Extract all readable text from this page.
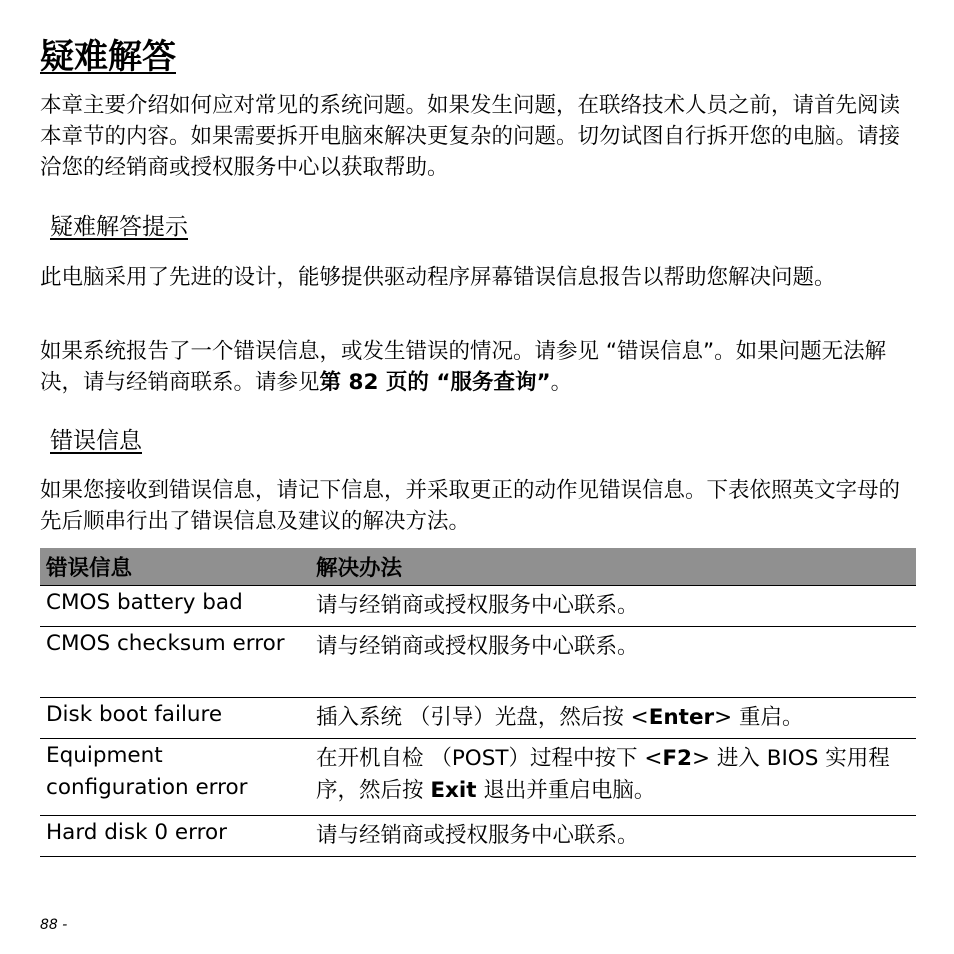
疑难解答

本章主要介绍如何应对常见的系统问题。如果发生问题，在联络技术人员之前，请首先阅读本章节的内容。如果需要拆开电脑來解决更复杂的问题。切勿试图自行拆开您的电脑。请接洽您的经销商或授权服务中心以获取帮助。

疑难解答提示

此电脑采用了先进的设计，能够提供驱动程序屏幕错误信息报告以帮助您解决问题。

如果系统报告了一个错误信息，或发生错误的情况。请参见 “错误信息”。如果问题无法解决，请与经销商联系。请参见第 82 页的 “服务查询”。

错误信息

如果您接收到错误信息，请记下信息，并采取更正的动作见错误信息。下表依照英文字母的先后顺串行出了错误信息及建议的解决方法。

错误信息	解决办法
CMOS battery bad	请与经销商或授权服务中心联系。
CMOS checksum error	请与经销商或授权服务中心联系。
Disk boot failure	插入系统 （引导）光盘，然后按 <Enter> 重启。
Equipment configuration error	在开机自检 （POST）过程中按下 <F2> 进入 BIOS 实用程序，然后按 Exit 退出并重启电脑。
Hard disk 0 error	请与经销商或授权服务中心联系。
88 -
